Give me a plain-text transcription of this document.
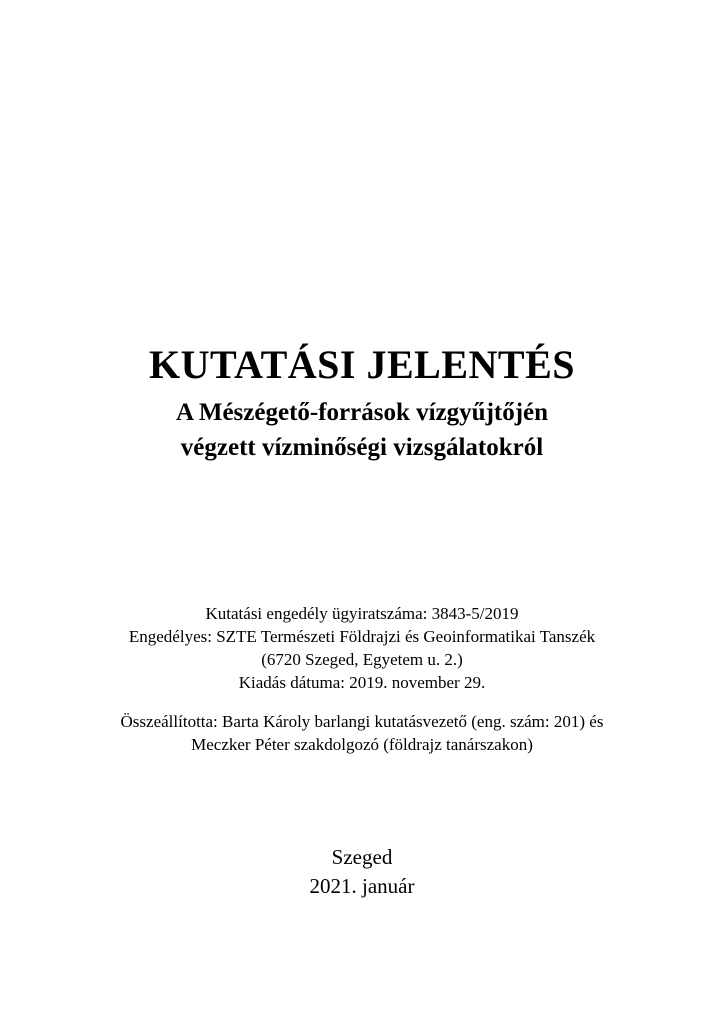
KUTATÁSI JELENTÉS
A Mészégető-források vízgyűjtőjén
végzett vízminőségi vizsgálatokról
Kutatási engedély ügyiratszáma: 3843-5/2019
Engedélyes: SZTE Természeti Földrajzi és Geoinformatikai Tanszék
(6720 Szeged, Egyetem u. 2.)
Kiadás dátuma: 2019. november 29.
Összeállította: Barta Károly barlangi kutatásvezető (eng. szám: 201) és
Meczker Péter szakdolgozó (földrajz tanárszakon)
Szeged
2021. január
